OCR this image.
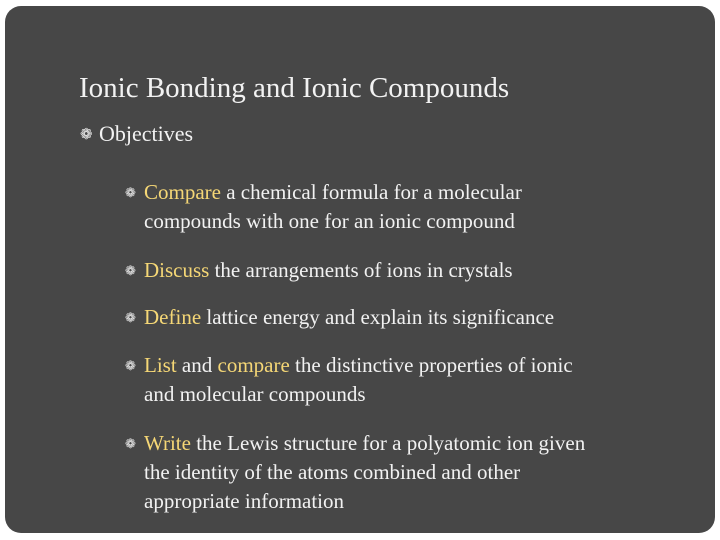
Ionic Bonding and Ionic Compounds
❁ Objectives
❁ Compare a chemical formula for a molecular
compounds with one for an ionic compound
❁ Discuss the arrangements of ions in crystals
❁ Define lattice energy and explain its significance
❁ List and compare the distinctive properties of ionic
and molecular compounds
❁ Write the Lewis structure for a polyatomic ion given
the identity of the atoms combined and other
appropriate information
